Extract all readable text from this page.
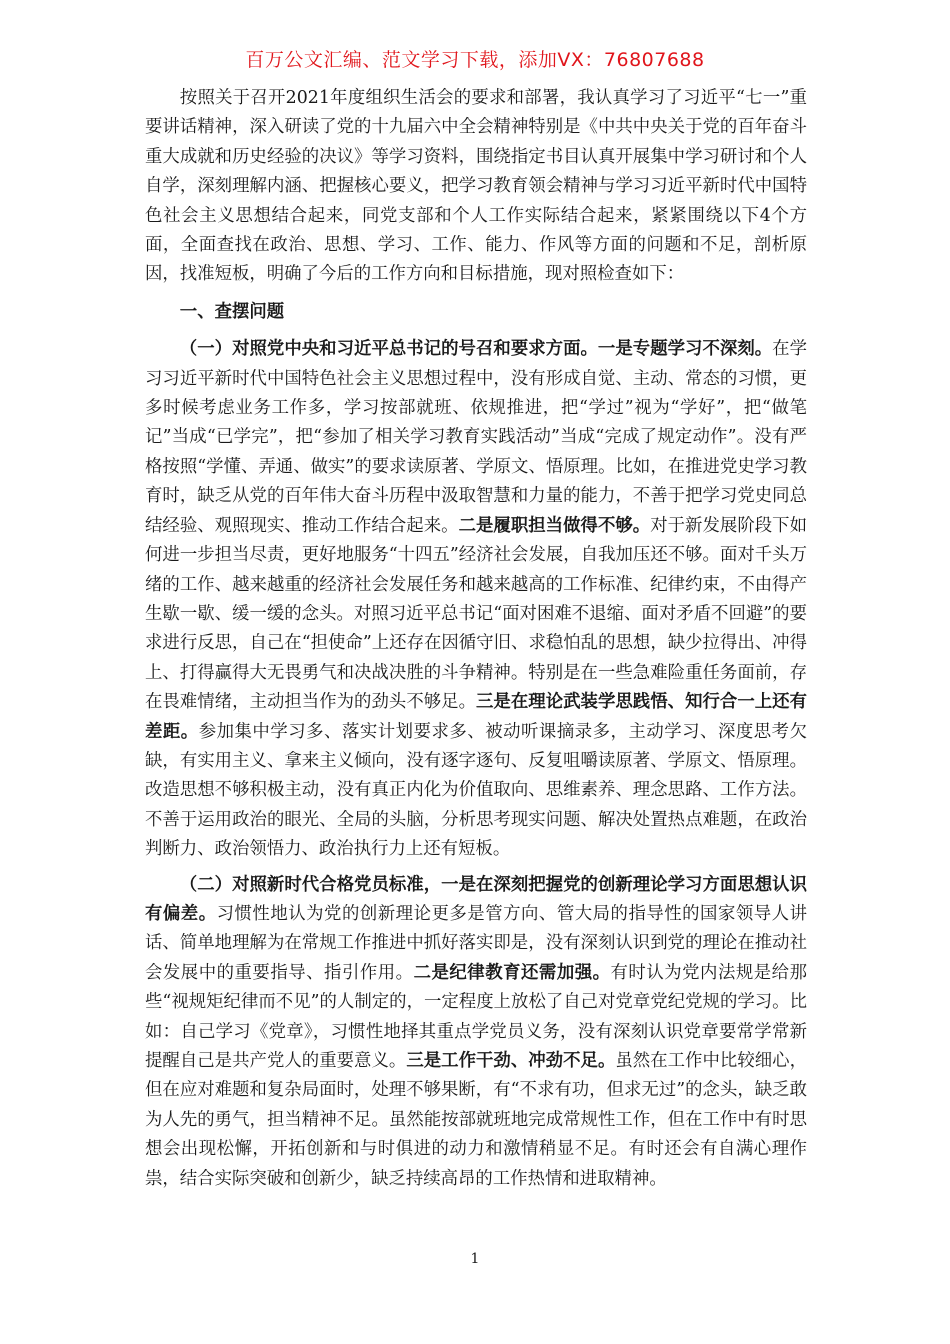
百万公文汇编、范文学习下载，添加VX：76807688

按照关于召开2021年度组织生活会的要求和部署，我认真学习了习近平“七一”重要讲话精神，深入研读了党的十九届六中全会精神特别是《中共中央关于党的百年奋斗重大成就和历史经验的决议》等学习资料，围绕指定书目认真开展集中学习研讨和个人自学，深刻理解内涵、把握核心要义，把学习教育领会精神与学习习近平新时代中国特色社会主义思想结合起来，同党支部和个人工作实际结合起来，紧紧围绕以下4个方面，全面查找在政治、思想、学习、工作、能力、作风等方面的问题和不足，剖析原因，找准短板，明确了今后的工作方向和目标措施，现对照检查如下：

一、查摆问题

（一）对照党中央和习近平总书记的号召和要求方面。一是专题学习不深刻。在学习习近平新时代中国特色社会主义思想过程中，没有形成自觉、主动、常态的习惯，更多时候考虑业务工作多，学习按部就班、依规推进，把“学过”视为“学好”，把“做笔记”当成“已学完”，把“参加了相关学习教育实践活动”当成“完成了规定动作”。没有严格按照“学懂、弄通、做实”的要求读原著、学原文、悟原理。比如，在推进党史学习教育时，缺乏从党的百年伟大奋斗历程中汲取智慧和力量的能力，不善于把学习党史同总结经验、观照现实、推动工作结合起来。二是履职担当做得不够。对于新发展阶段下如何进一步担当尽责，更好地服务“十四五”经济社会发展，自我加压还不够。面对千头万绪的工作、越来越重的经济社会发展任务和越来越高的工作标准、纪律约束，不由得产生歇一歇、缓一缓的念头。对照习近平总书记“面对困难不退缩、面对矛盾不回避”的要求进行反思，自己在“担使命”上还存在因循守旧、求稳怕乱的思想，缺少拉得出、冲得上、打得赢得大无畏勇气和决战决胜的斗争精神。特别是在一些急难险重任务面前，存在畏难情绪，主动担当作为的劲头不够足。三是在理论武装学思践悟、知行合一上还有差距。参加集中学习多、落实计划要求多、被动听课摘录多，主动学习、深度思考欠缺，有实用主义、拿来主义倾向，没有逐字逐句、反复咀嚼读原著、学原文、悟原理。改造思想不够积极主动，没有真正内化为价值取向、思维素养、理念思路、工作方法。不善于运用政治的眼光、全局的头脑，分析思考现实问题、解决处置热点难题，在政治判断力、政治领悟力、政治执行力上还有短板。

（二）对照新时代合格党员标准，一是在深刻把握党的创新理论学习方面思想认识有偏差。习惯性地认为党的创新理论更多是管方向、管大局的指导性的国家领导人讲话、简单地理解为在常规工作推进中抓好落实即是，没有深刻认识到党的理论在推动社会发展中的重要指导、指引作用。二是纪律教育还需加强。有时认为党内法规是给那些“视规矩纪律而不见”的人制定的，一定程度上放松了自己对党章党纪党规的学习。比如：自己学习《党章》，习惯性地择其重点学党员义务，没有深刻认识党章要常学常新提醒自己是共产党人的重要意义。三是工作干劲、冲劲不足。虽然在工作中比较细心，但在应对难题和复杂局面时，处理不够果断，有“不求有功，但求无过”的念头，缺乏敢为人先的勇气，担当精神不足。虽然能按部就班地完成常规性工作，但在工作中有时思想会出现松懈，开拓创新和与时俱进的动力和激情稍显不足。有时还会有自满心理作祟，结合实际突破和创新少，缺乏持续高昂的工作热情和进取精神。

1
